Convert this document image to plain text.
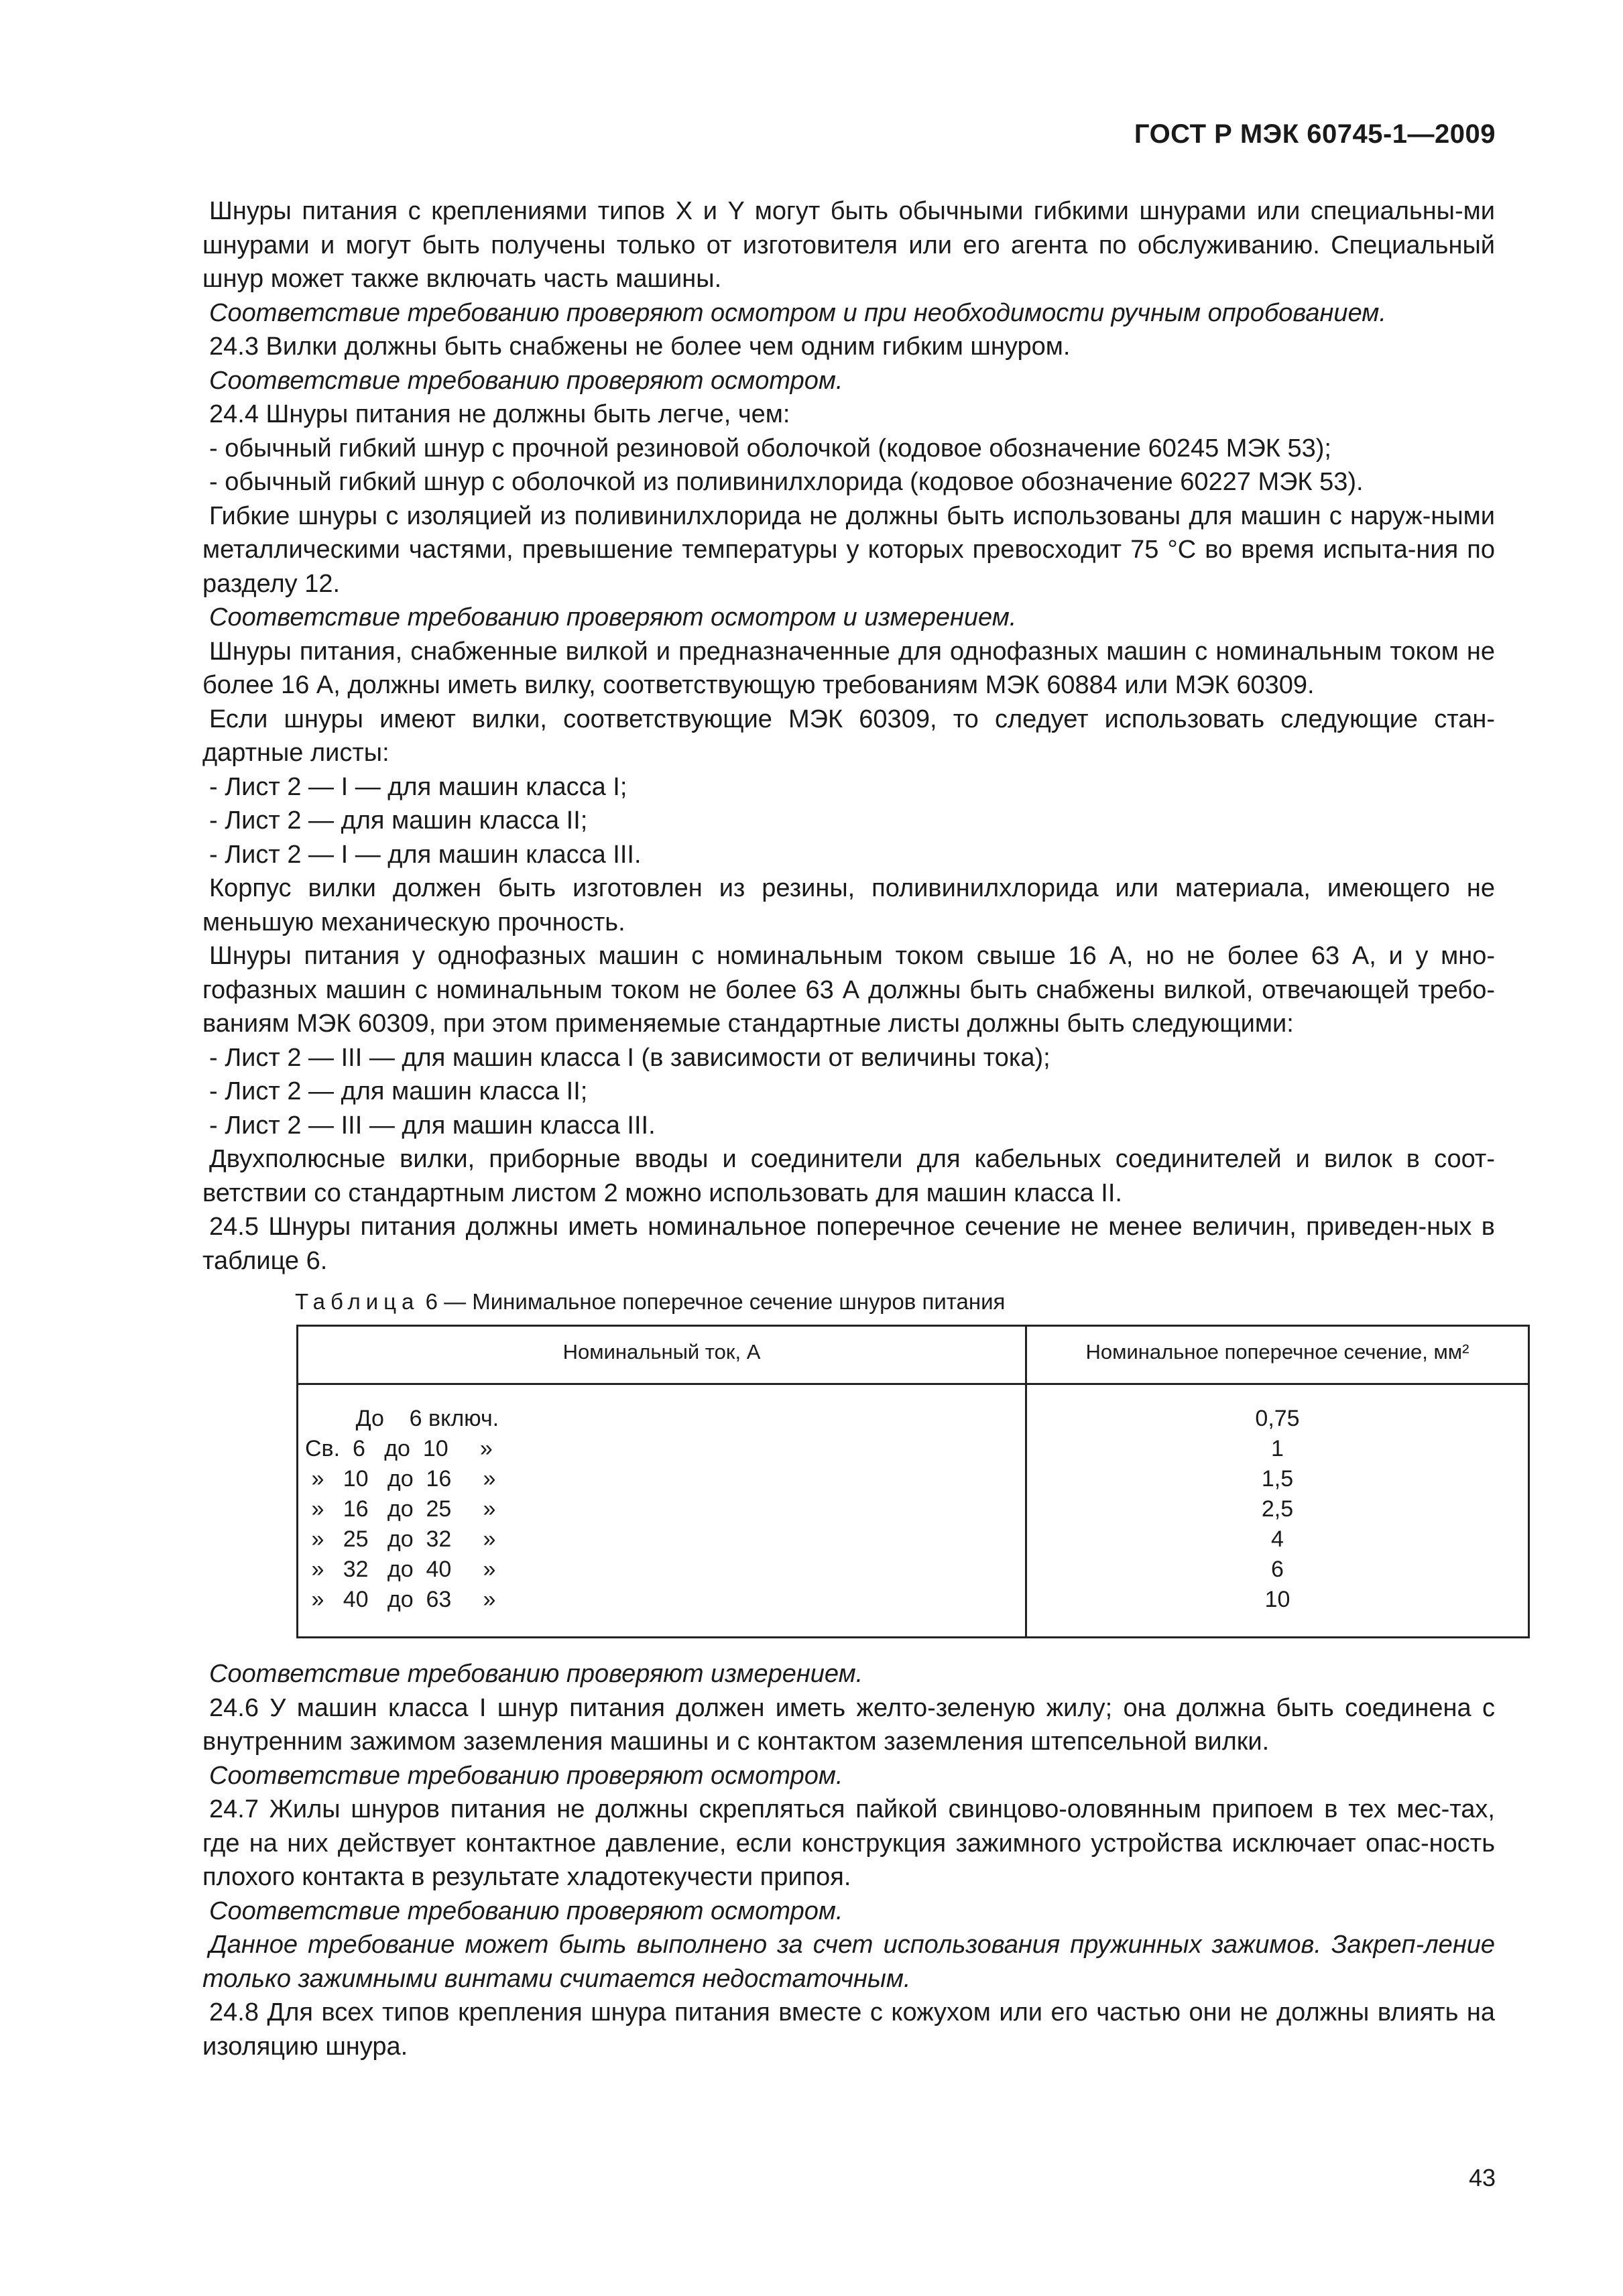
ГОСТ Р МЭК 60745-1—2009

Шнуры питания с креплениями типов X и Y могут быть обычными гибкими шнурами или специальны-ми шнурами и могут быть получены только от изготовителя или его агента по обслуживанию. Специальный шнур может также включать часть машины.

Соответствие требованию проверяют осмотром и при необходимости ручным опробованием.

24.3 Вилки должны быть снабжены не более чем одним гибким шнуром.

Соответствие требованию проверяют осмотром.

24.4 Шнуры питания не должны быть легче, чем:

- обычный гибкий шнур с прочной резиновой оболочкой (кодовое обозначение 60245 МЭК 53);

- обычный гибкий шнур с оболочкой из поливинилхлорида (кодовое обозначение 60227 МЭК 53).

Гибкие шнуры с изоляцией из поливинилхлорида не должны быть использованы для машин с наруж-ными металлическими частями, превышение температуры у которых превосходит 75 °С во время испыта-ния по разделу 12.

Соответствие требованию проверяют осмотром и измерением.

Шнуры питания, снабженные вилкой и предназначенные для однофазных машин с номинальным током не более 16 А, должны иметь вилку, соответствующую требованиям МЭК 60884 или МЭК 60309.

Если шнуры имеют вилки, соответствующие МЭК 60309, то следует использовать следующие стан-дартные листы:

- Лист 2 — I — для машин класса I;

- Лист 2 — для машин класса II;

- Лист 2 — I — для машин класса III.

Корпус вилки должен быть изготовлен из резины, поливинилхлорида или материала, имеющего не меньшую механическую прочность.

Шнуры питания у однофазных машин с номинальным током свыше 16 А, но не более 63 А, и у мно-гофазных машин с номинальным током не более 63 А должны быть снабжены вилкой, отвечающей требо-ваниям МЭК 60309, при этом применяемые стандартные листы должны быть следующими:

- Лист 2 — III — для машин класса I (в зависимости от величины тока);

- Лист 2 — для машин класса II;

- Лист 2 — III — для машин класса III.

Двухполюсные вилки, приборные вводы и соединители для кабельных соединителей и вилок в соот-ветствии со стандартным листом 2 можно использовать для машин класса II.

24.5 Шнуры питания должны иметь номинальное поперечное сечение не менее величин, приведен-ных в таблице 6.

Таблица 6 — Минимальное поперечное сечение шнуров питания
Номинальный ток, А	Номинальное поперечное сечение, мм²

До    6 включ.	0,75
Св.  6   до  10     »	1
»   10   до  16     »	1,5
»   16   до  25     »	2,5
»   25   до  32     »	4
»   32   до  40     »	6
»   40   до  63     »	10

Соответствие требованию проверяют измерением.

24.6 У машин класса I шнур питания должен иметь желто-зеленую жилу; она должна быть соединена с внутренним зажимом заземления машины и с контактом заземления штепсельной вилки.

Соответствие требованию проверяют осмотром.

24.7 Жилы шнуров питания не должны скрепляться пайкой свинцово-оловянным припоем в тех мес-тах, где на них действует контактное давление, если конструкция зажимного устройства исключает опас-ность плохого контакта в результате хладотекучести припоя.

Соответствие требованию проверяют осмотром.

Данное требование может быть выполнено за счет использования пружинных зажимов. Закреп-ление только зажимными винтами считается недостаточным.

24.8 Для всех типов крепления шнура питания вместе с кожухом или его частью они не должны влиять на изоляцию шнура.

43
